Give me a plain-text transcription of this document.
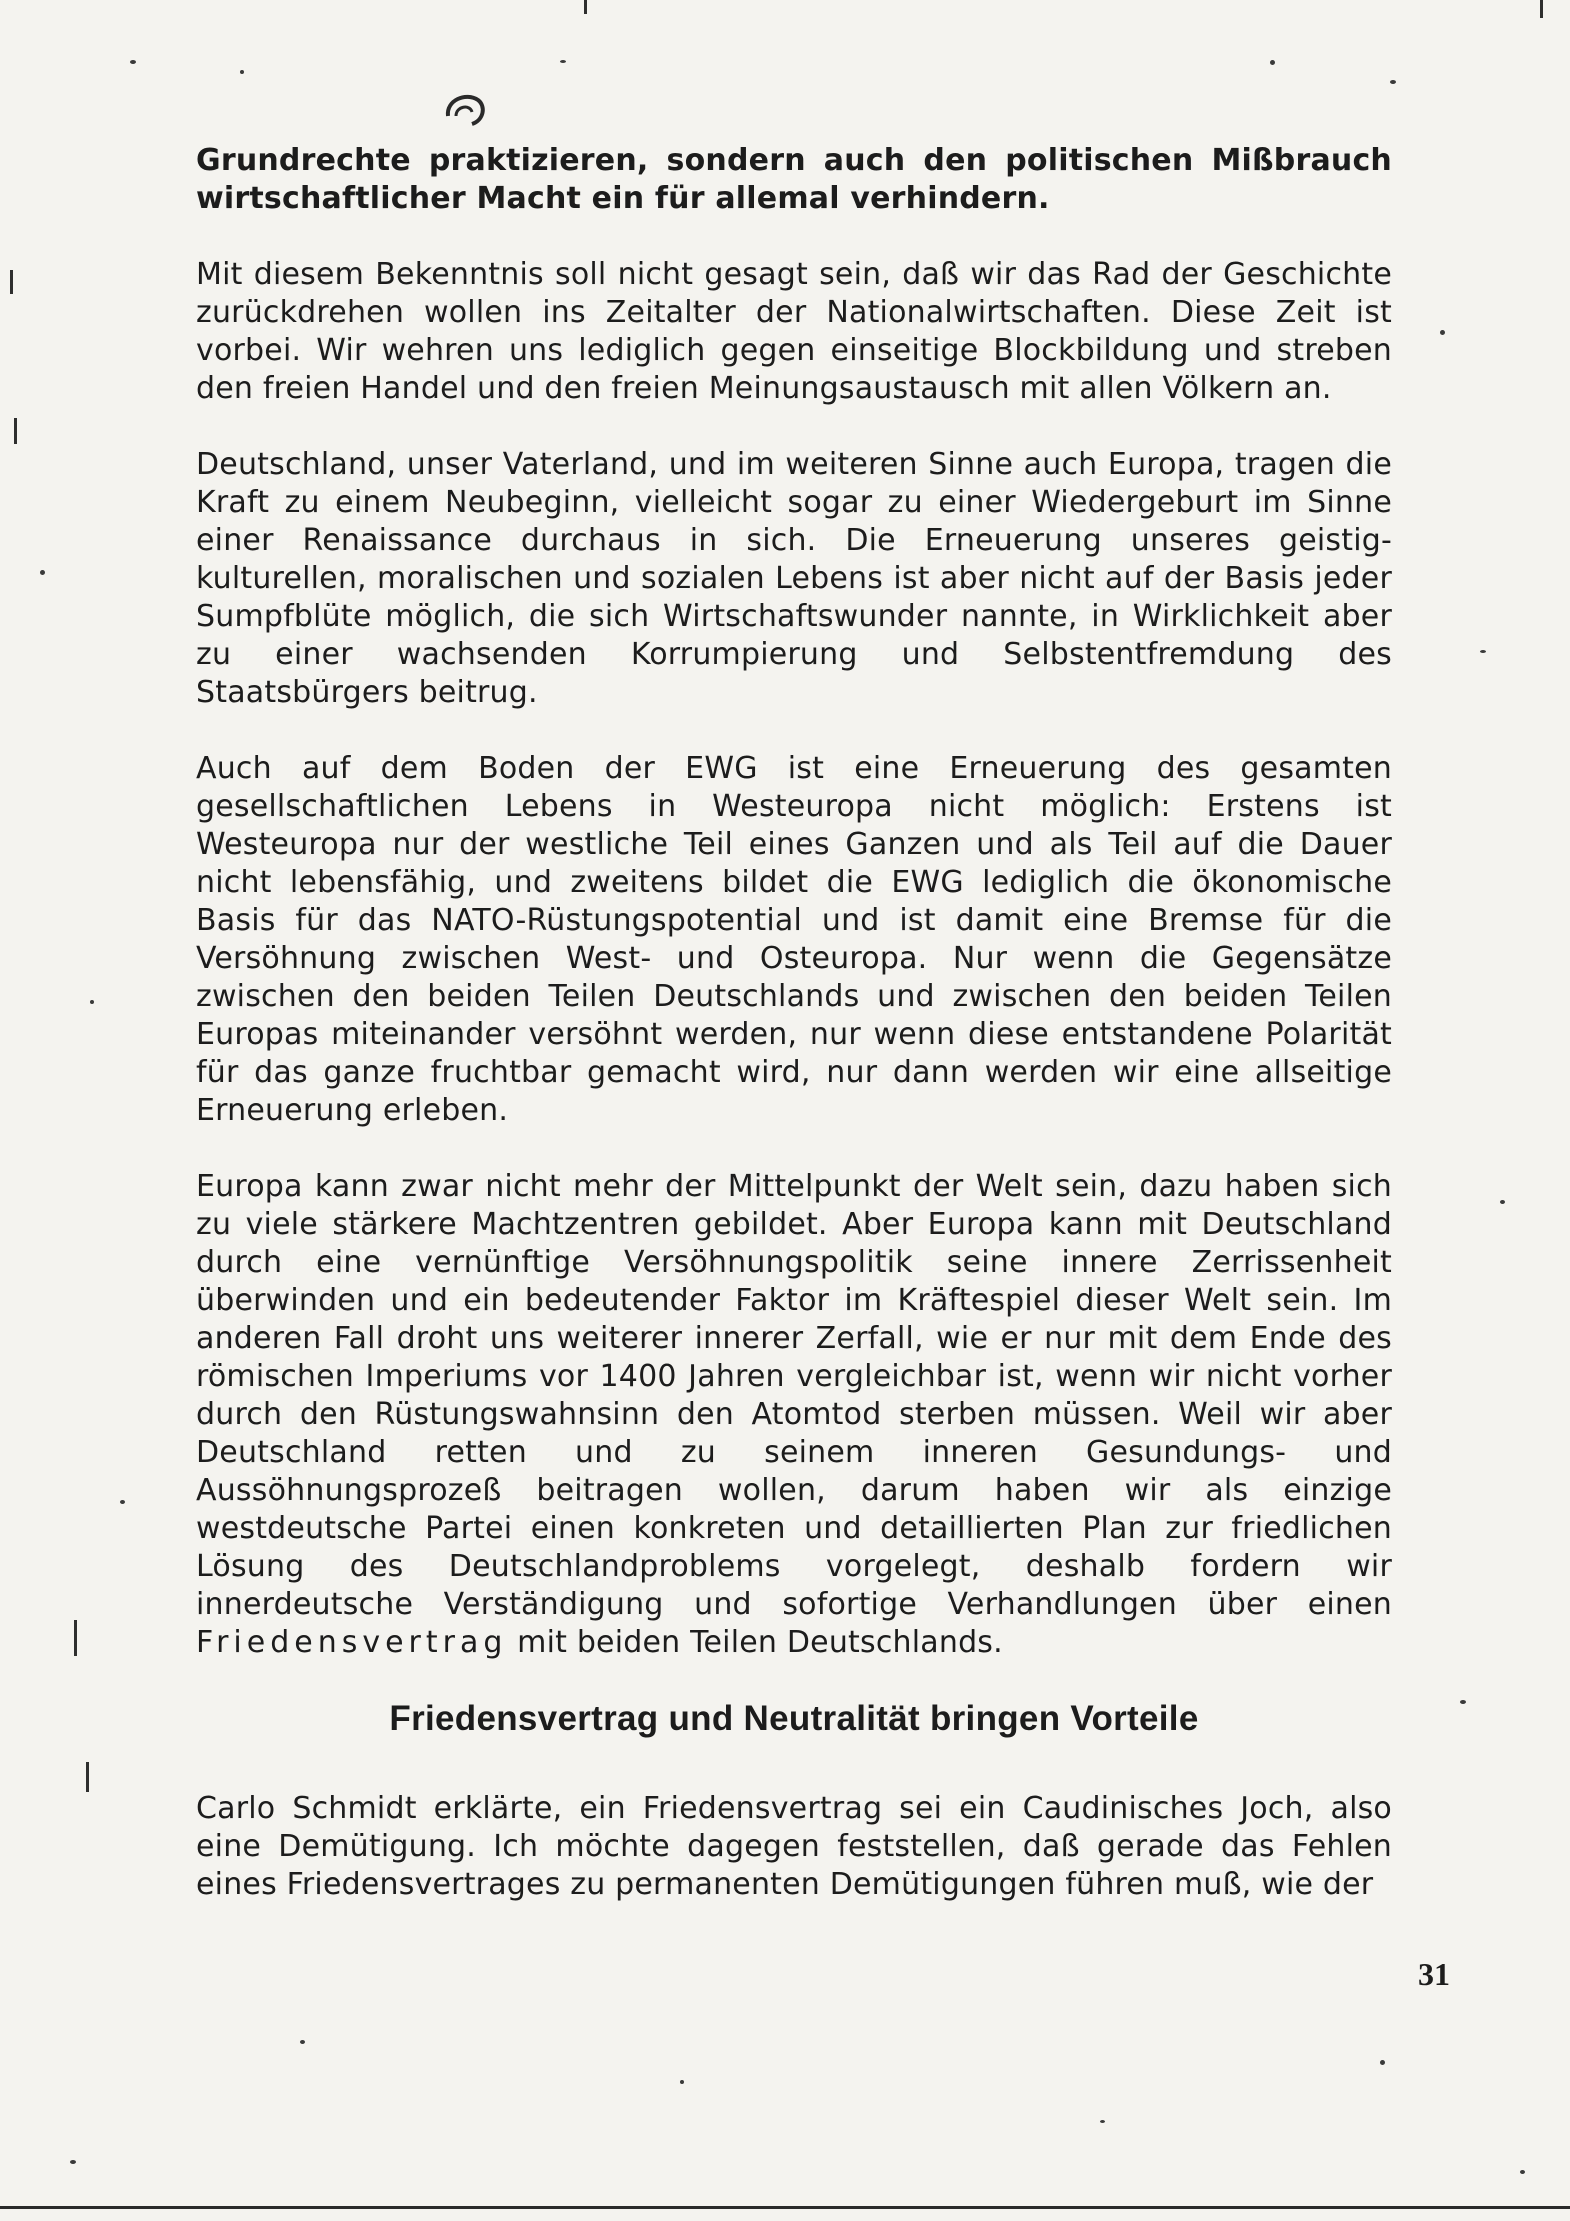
Grundrechte praktizieren, sondern auch den politischen Mißbrauch wirtschaftlicher Macht ein für allemal verhindern.

Mit diesem Bekenntnis soll nicht gesagt sein, daß wir das Rad der Geschichte zurückdrehen wollen ins Zeitalter der Nationalwirtschaften. Diese Zeit ist vorbei. Wir wehren uns lediglich gegen einseitige Blockbildung und streben den freien Handel und den freien Meinungsaustausch mit allen Völkern an.

Deutschland, unser Vaterland, und im weiteren Sinne auch Europa, tragen die Kraft zu einem Neubeginn, vielleicht sogar zu einer Wiedergeburt im Sinne einer Renaissance durchaus in sich. Die Erneuerung unseres geistig-kulturellen, moralischen und sozialen Lebens ist aber nicht auf der Basis jeder Sumpfblüte möglich, die sich Wirtschaftswunder nannte, in Wirklichkeit aber zu einer wachsenden Korrumpierung und Selbstentfremdung des Staatsbürgers beitrug.

Auch auf dem Boden der EWG ist eine Erneuerung des gesamten gesellschaftlichen Lebens in Westeuropa nicht möglich: Erstens ist Westeuropa nur der westliche Teil eines Ganzen und als Teil auf die Dauer nicht lebensfähig, und zweitens bildet die EWG lediglich die ökonomische Basis für das NATO-Rüstungspotential und ist damit eine Bremse für die Versöhnung zwischen West- und Osteuropa. Nur wenn die Gegensätze zwischen den beiden Teilen Deutschlands und zwischen den beiden Teilen Europas miteinander versöhnt werden, nur wenn diese entstandene Polarität für das ganze fruchtbar gemacht wird, nur dann werden wir eine allseitige Erneuerung erleben.

Europa kann zwar nicht mehr der Mittelpunkt der Welt sein, dazu haben sich zu viele stärkere Machtzentren gebildet. Aber Europa kann mit Deutschland durch eine vernünftige Versöhnungspolitik seine innere Zerrissenheit überwinden und ein bedeutender Faktor im Kräftespiel dieser Welt sein. Im anderen Fall droht uns weiterer innerer Zerfall, wie er nur mit dem Ende des römischen Imperiums vor 1400 Jahren vergleichbar ist, wenn wir nicht vorher durch den Rüstungswahnsinn den Atomtod sterben müssen. Weil wir aber Deutschland retten und zu seinem inneren Gesundungs- und Aussöhnungsprozeß beitragen wollen, darum haben wir als einzige westdeutsche Partei einen konkreten und detaillierten Plan zur friedlichen Lösung des Deutschlandproblems vorgelegt, deshalb fordern wir innerdeutsche Verständigung und sofortige Verhandlungen über einen Friedensvertrag mit beiden Teilen Deutschlands.

Friedensvertrag und Neutralität bringen Vorteile

Carlo Schmidt erklärte, ein Friedensvertrag sei ein Caudinisches Joch, also eine Demütigung. Ich möchte dagegen feststellen, daß gerade das Fehlen eines Friedensvertrages zu permanenten Demütigungen führen muß, wie der

31
